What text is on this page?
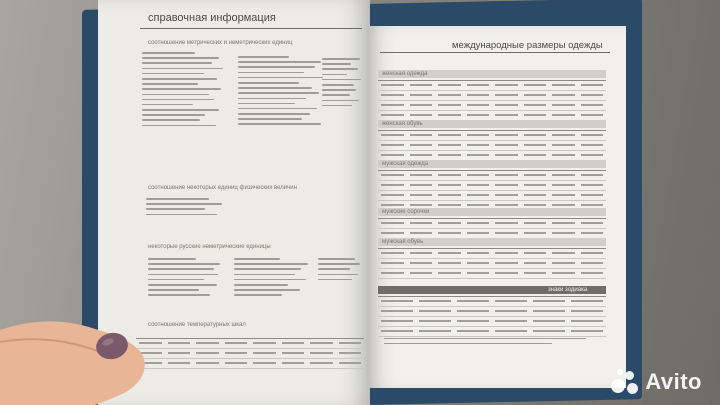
справочная информация
соотношение метрических и неметрических единиц
соотношение некоторых единиц физических величин
некоторые русские неметрические единицы
соотношение температурных шкал
международные размеры одежды
женская одежда
женская обувь
мужская одежда
мужские сорочки
мужская обувь
знаки зодиака
Avito
